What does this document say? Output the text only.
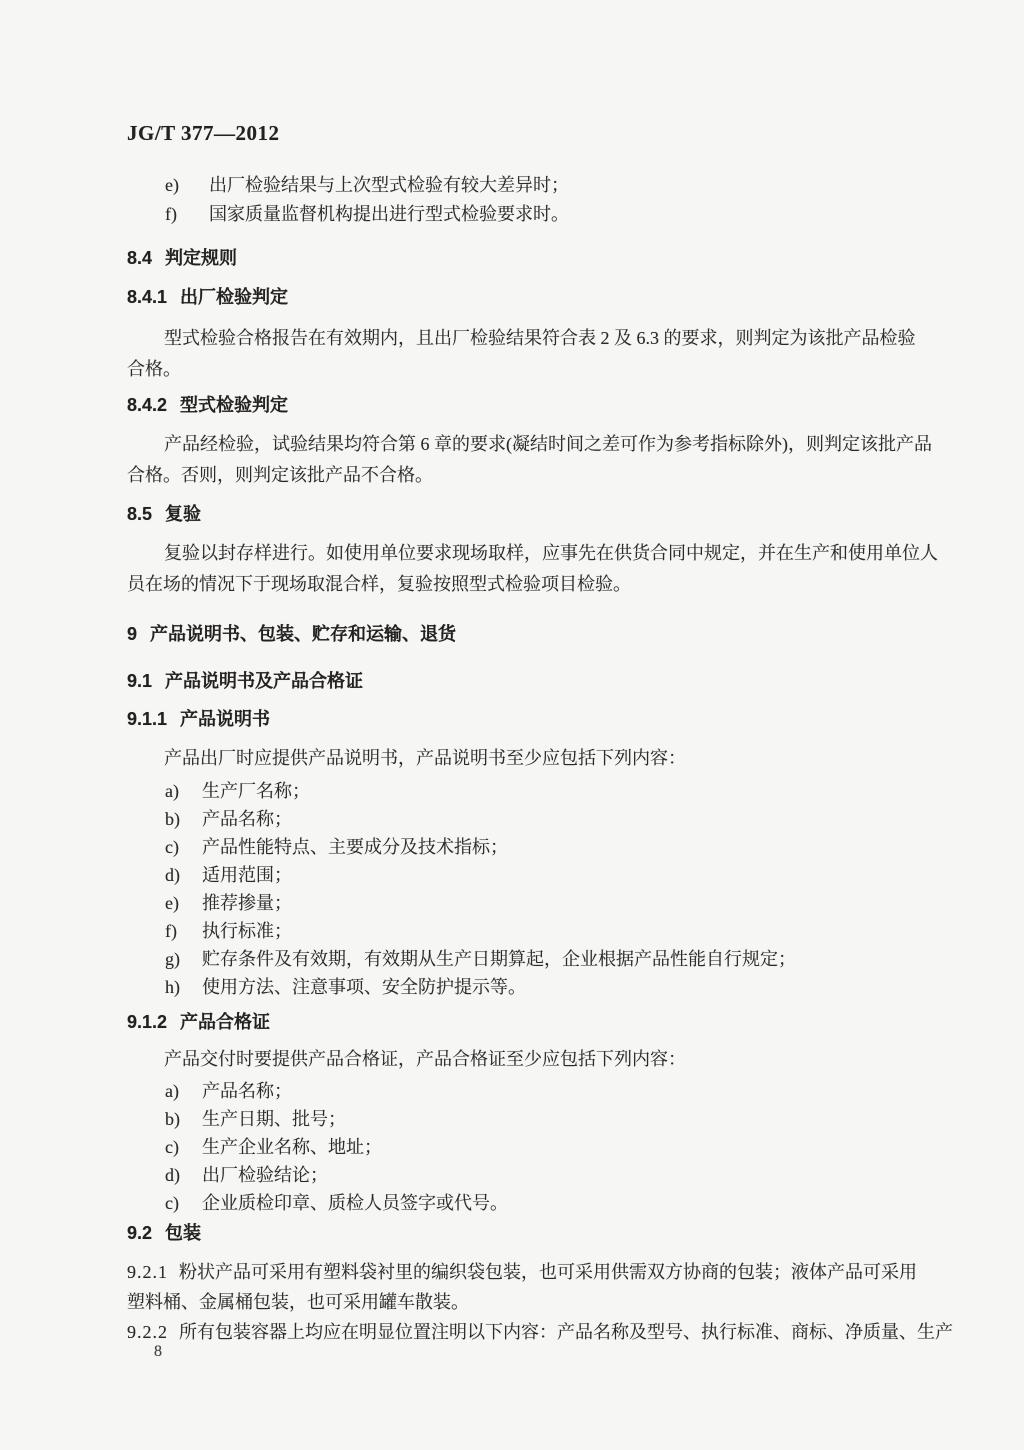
JG/T 377—2012
e) 出厂检验结果与上次型式检验有较大差异时；
f) 国家质量监督机构提出进行型式检验要求时。
8.4 判定规则
8.4.1 出厂检验判定
型式检验合格报告在有效期内，且出厂检验结果符合表 2 及 6.3 的要求，则判定为该批产品检验
合格。
8.4.2 型式检验判定
产品经检验，试验结果均符合第 6 章的要求(凝结时间之差可作为参考指标除外)，则判定该批产品
合格。否则，则判定该批产品不合格。
8.5 复验
复验以封存样进行。如使用单位要求现场取样，应事先在供货合同中规定，并在生产和使用单位人
员在场的情况下于现场取混合样，复验按照型式检验项目检验。
9 产品说明书、包装、贮存和运输、退货
9.1 产品说明书及产品合格证
9.1.1 产品说明书
产品出厂时应提供产品说明书，产品说明书至少应包括下列内容：
a) 生产厂名称；
b) 产品名称；
c) 产品性能特点、主要成分及技术指标；
d) 适用范围；
e) 推荐掺量；
f) 执行标准；
g) 贮存条件及有效期，有效期从生产日期算起，企业根据产品性能自行规定；
h) 使用方法、注意事项、安全防护提示等。
9.1.2 产品合格证
产品交付时要提供产品合格证，产品合格证至少应包括下列内容：
a) 产品名称；
b) 生产日期、批号；
c) 生产企业名称、地址；
d) 出厂检验结论；
c) 企业质检印章、质检人员签字或代号。
9.2 包装
9.2.1 粉状产品可采用有塑料袋衬里的编织袋包装，也可采用供需双方协商的包装；液体产品可采用
塑料桶、金属桶包装，也可采用罐车散装。
9.2.2 所有包装容器上均应在明显位置注明以下内容：产品名称及型号、执行标准、商标、净质量、生产
8
